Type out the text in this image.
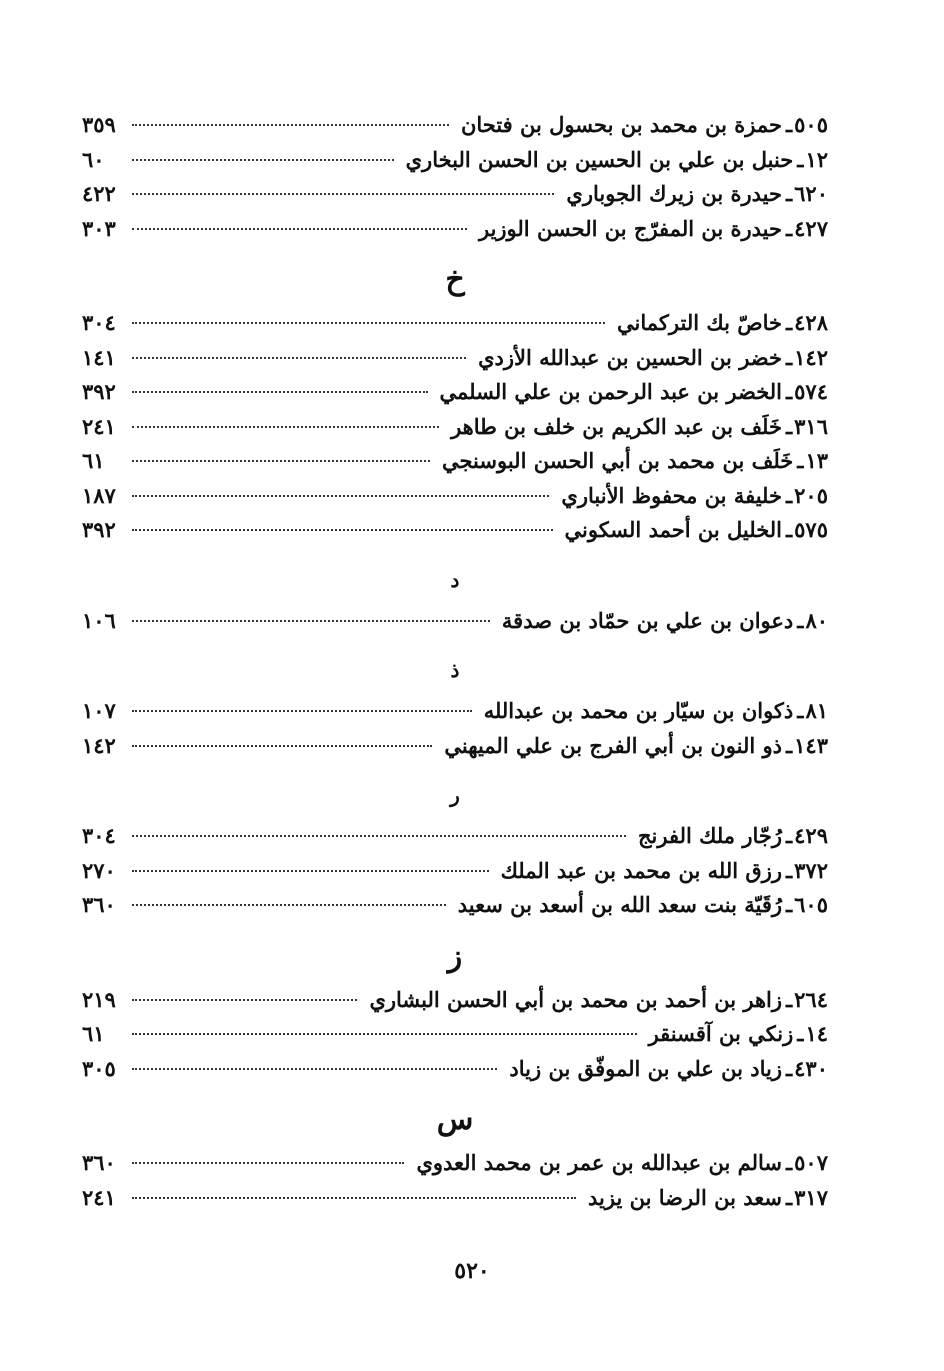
٥٠٥
ـ
حمزة بن محمد بن بحسول بن فتحان
٣٥٩
١٢
ـ
حنبل بن علي بن الحسين بن الحسن البخاري
٦٠
٦٢٠
ـ
حيدرة بن زيرك الجوباري
٤٢٢
٤٢٧
ـ
حيدرة بن المفرّج بن الحسن الوزير
٣٠٣
خ
٤٢٨
ـ
خاصّ بك التركماني
٣٠٤
١٤٢
ـ
خضر بن الحسين بن عبدالله الأزدي
١٤١
٥٧٤
ـ
الخضر بن عبد الرحمن بن علي السلمي
٣٩٢
٣١٦
ـ
خَلَف بن عبد الكريم بن خلف بن طاهر
٢٤١
١٣
ـ
خَلَف بن محمد بن أبي الحسن البوسنجي
٦١
٢٠٥
ـ
خليفة بن محفوظ الأنباري
١٨٧
٥٧٥
ـ
الخليل بن أحمد السكوني
٣٩٢
د
٨٠
ـ
دعوان بن علي بن حمّاد بن صدقة
١٠٦
ذ
٨١
ـ
ذكوان بن سيّار بن محمد بن عبدالله
١٠٧
١٤٣
ـ
ذو النون بن أبي الفرج بن علي الميهني
١٤٢
ر
٤٢٩
ـ
رُجّار ملك الفرنج
٣٠٤
٣٧٢
ـ
رزق الله بن محمد بن عبد الملك
٢٧٠
٦٠٥
ـ
رُقَيّة بنت سعد الله بن أسعد بن سعيد
٣٦٠
ز
٢٦٤
ـ
زاهر بن أحمد بن محمد بن أبي الحسن البشاري
٢١٩
١٤
ـ
زنكي بن آقسنقر
٦١
٤٣٠
ـ
زياد بن علي بن الموفّق بن زياد
٣٠٥
س
٥٠٧
ـ
سالم بن عبدالله بن عمر بن محمد العدوي
٣٦٠
٣١٧
ـ
سعد بن الرضا بن يزيد
٢٤١
٥٢٠
